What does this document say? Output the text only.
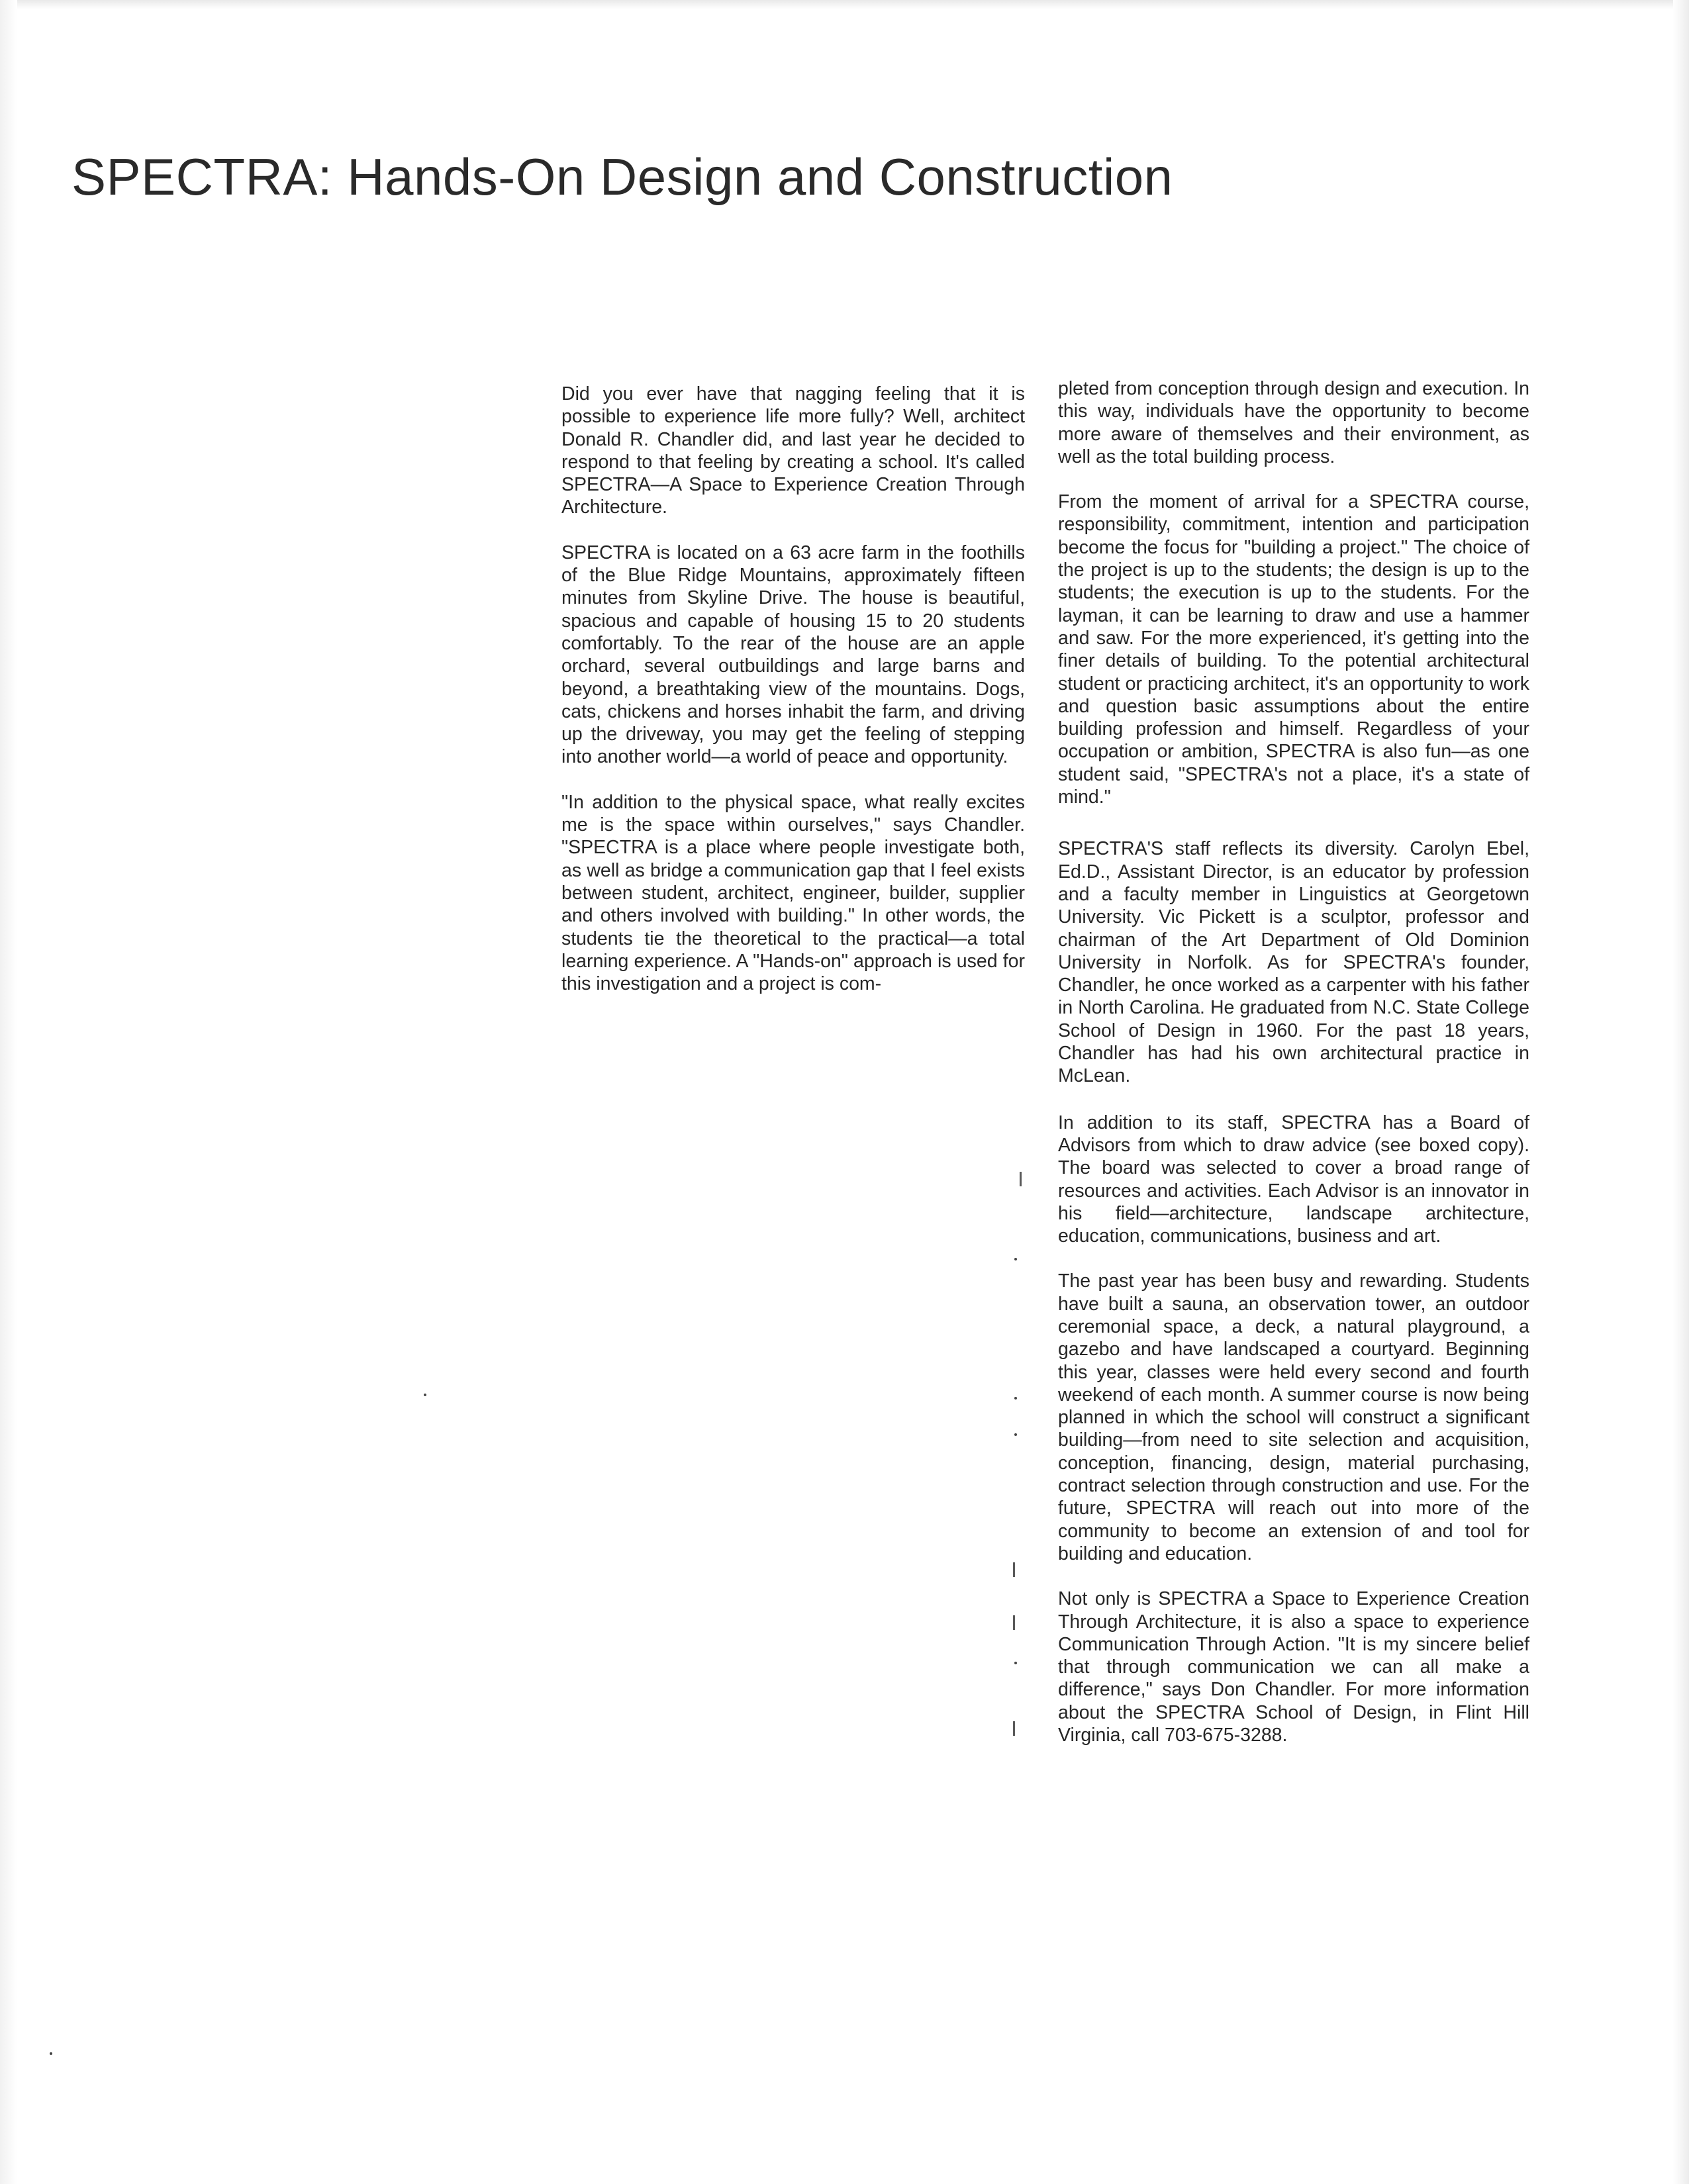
SPECTRA: Hands-On Design and Construction

Did you ever have that nagging feeling that it is possible to experience life more fully? Well, architect Donald R. Chandler did, and last year he decided to respond to that feeling by creating a school. It's called SPECTRA—A Space to Experience Creation Through Architecture.

SPECTRA is located on a 63 acre farm in the foothills of the Blue Ridge Mountains, approximately fifteen minutes from Skyline Drive. The house is beautiful, spacious and capable of housing 15 to 20 students comfortably. To the rear of the house are an apple orchard, several outbuildings and large barns and beyond, a breathtaking view of the mountains. Dogs, cats, chickens and horses inhabit the farm, and driving up the driveway, you may get the feeling of stepping into another world—a world of peace and opportunity.

"In addition to the physical space, what really excites me is the space within ourselves," says Chandler. "SPECTRA is a place where people investigate both, as well as bridge a communication gap that I feel exists between student, architect, engineer, builder, supplier and others involved with building." In other words, the students tie the theoretical to the practical—a total learning experience. A "Hands-on" approach is used for this investigation and a project is com-

pleted from conception through design and execution. In this way, individuals have the opportunity to become more aware of themselves and their environment, as well as the total building process.

From the moment of arrival for a SPECTRA course, responsibility, commitment, intention and participation become the focus for "building a project." The choice of the project is up to the students; the design is up to the students; the execution is up to the students. For the layman, it can be learning to draw and use a hammer and saw. For the more experienced, it's getting into the finer details of building. To the potential architectural student or practicing architect, it's an opportunity to work and question basic assumptions about the entire building profession and himself. Regardless of your occupation or ambition, SPECTRA is also fun—as one student said, "SPECTRA's not a place, it's a state of mind."

SPECTRA'S staff reflects its diversity. Carolyn Ebel, Ed.D., Assistant Director, is an educator by profession and a faculty member in Linguistics at Georgetown University. Vic Pickett is a sculptor, professor and chairman of the Art Department of Old Dominion University in Norfolk. As for SPECTRA's founder, Chandler, he once worked as a carpenter with his father in North Carolina. He graduated from N.C. State College School of Design in 1960. For the past 18 years, Chandler has had his own architectural practice in McLean.

In addition to its staff, SPECTRA has a Board of Advisors from which to draw advice (see boxed copy). The board was selected to cover a broad range of resources and activities. Each Advisor is an innovator in his field—architecture, landscape architecture, education, communications, business and art.

The past year has been busy and rewarding. Students have built a sauna, an observation tower, an outdoor ceremonial space, a deck, a natural playground, a gazebo and have landscaped a courtyard. Beginning this year, classes were held every second and fourth weekend of each month. A summer course is now being planned in which the school will construct a significant building—from need to site selection and acquisition, conception, financing, design, material purchasing, contract selection through construction and use. For the future, SPECTRA will reach out into more of the community to become an extension of and tool for building and education.

Not only is SPECTRA a Space to Experience Creation Through Architecture, it is also a space to experience Communication Through Action. "It is my sincere belief that through communication we can all make a difference," says Don Chandler. For more information about the SPECTRA School of Design, in Flint Hill Virginia, call 703-675-3288.
